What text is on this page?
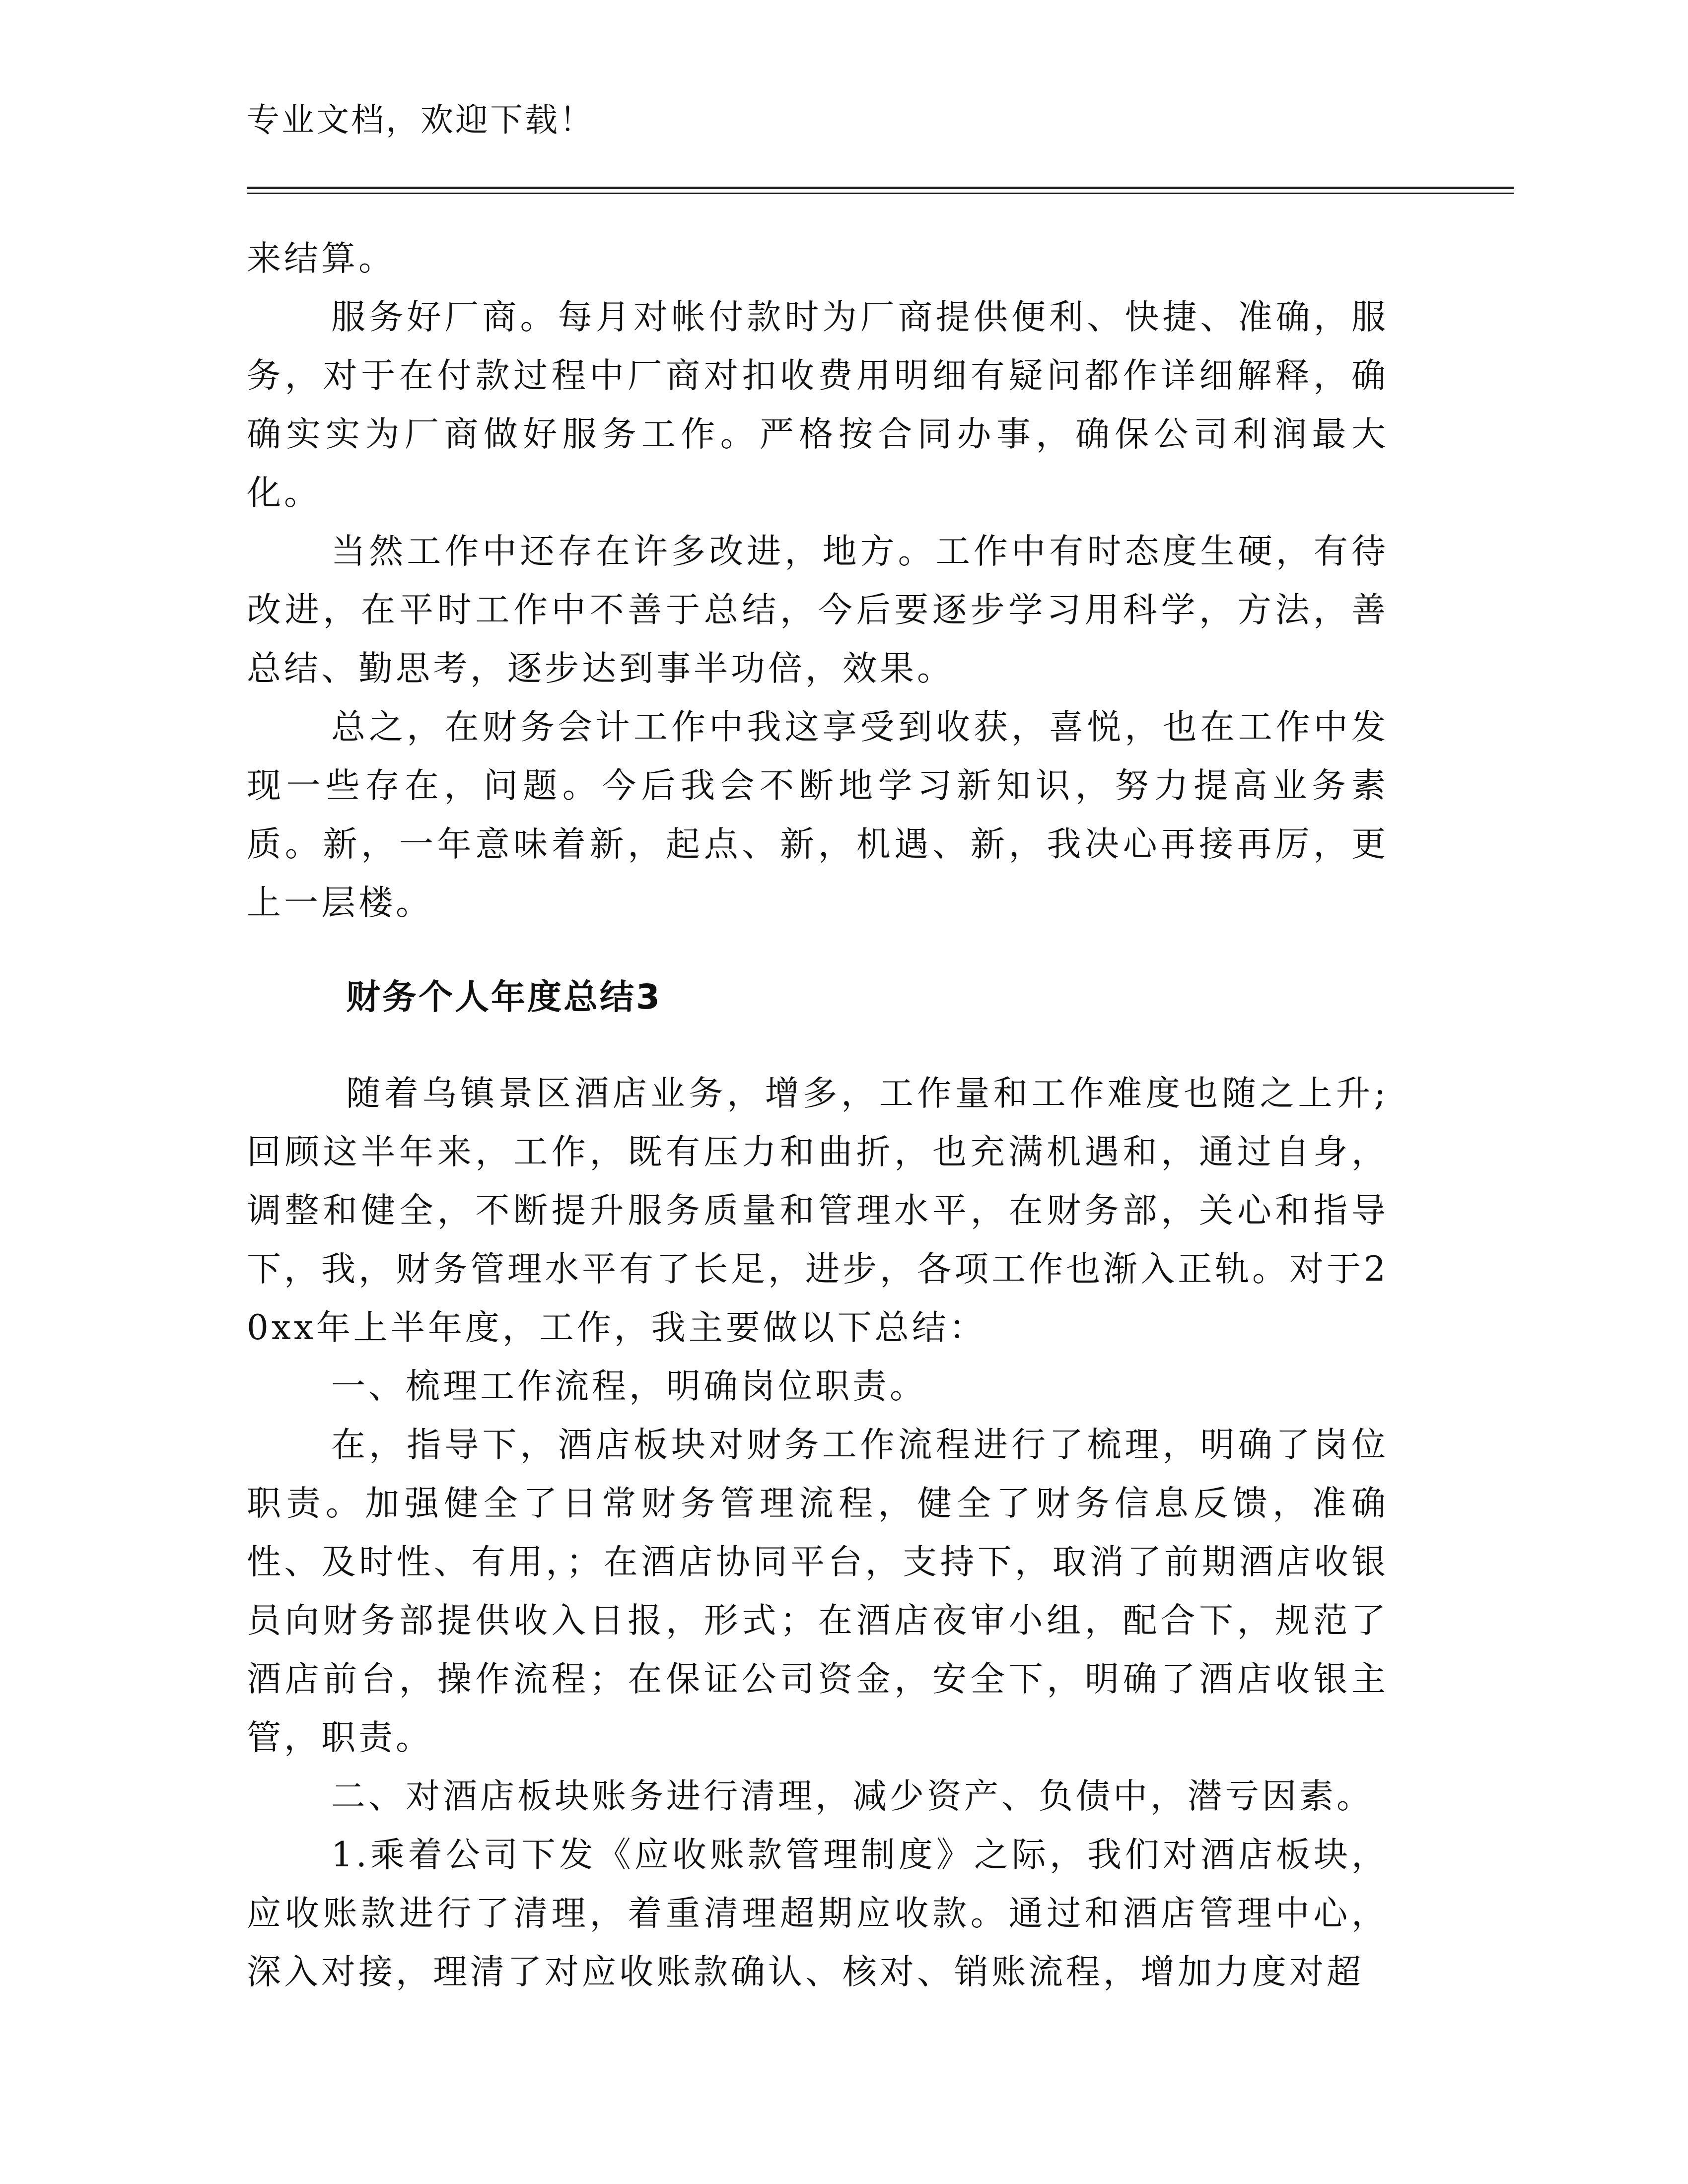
专业文档，欢迎下载！

来结算。

服务好厂商。每月对帐付款时为厂商提供便利、快捷、准确，服务，对于在付款过程中厂商对扣收费用明细有疑问都作详细解释，确确实实为厂商做好服务工作。严格按合同办事，确保公司利润最大化。

当然工作中还存在许多改进，地方。工作中有时态度生硬，有待改进，在平时工作中不善于总结，今后要逐步学习用科学，方法，善总结、勤思考，逐步达到事半功倍，效果。

总之，在财务会计工作中我这享受到收获，喜悦，也在工作中发现一些存在，问题。今后我会不断地学习新知识，努力提高业务素质。新，一年意味着新，起点、新，机遇、新，我决心再接再厉，更上一层楼。

财务个人年度总结3

随着乌镇景区酒店业务，增多，工作量和工作难度也随之上升;回顾这半年来，工作，既有压力和曲折，也充满机遇和，通过自身，调整和健全，不断提升服务质量和管理水平，在财务部，关心和指导下，我，财务管理水平有了长足，进步，各项工作也渐入正轨。对于20xx年上半年度，工作，我主要做以下总结：

一、梳理工作流程，明确岗位职责。

在，指导下，酒店板块对财务工作流程进行了梳理，明确了岗位职责。加强健全了日常财务管理流程，健全了财务信息反馈，准确性、及时性、有用，；在酒店协同平台，支持下，取消了前期酒店收银员向财务部提供收入日报，形式；在酒店夜审小组，配合下，规范了酒店前台，操作流程；在保证公司资金，安全下，明确了酒店收银主管，职责。

二、对酒店板块账务进行清理，减少资产、负债中，潜亏因素。

1.乘着公司下发《应收账款管理制度》之际，我们对酒店板块，应收账款进行了清理，着重清理超期应收款。通过和酒店管理中心，深入对接，理清了对应收账款确认、核对、销账流程，增加力度对超
